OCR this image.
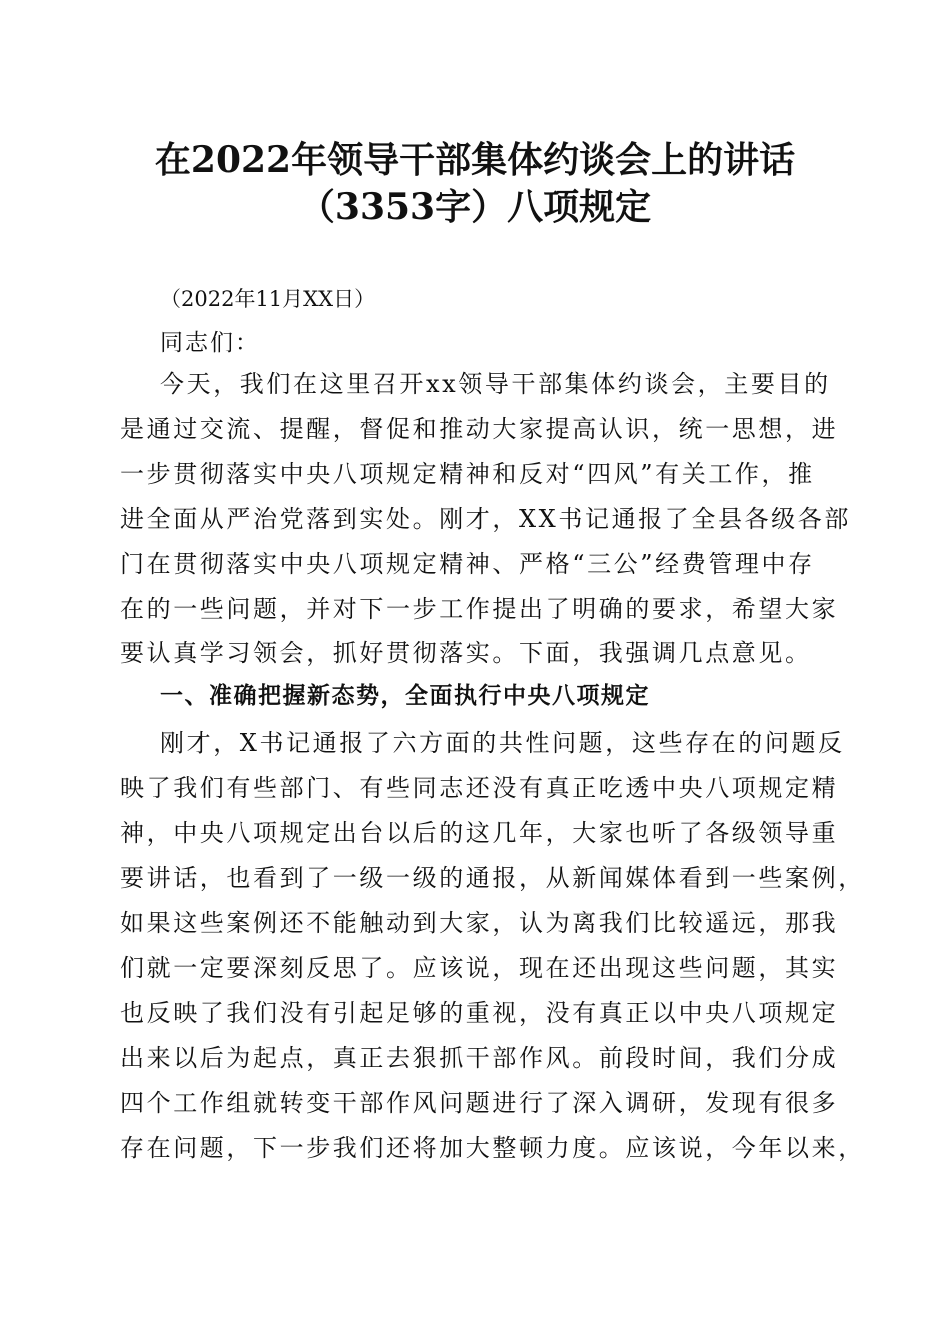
在2022年领导干部集体约谈会上的讲话
（3353字）八项规定
（2022年11月XX日）
同志们：
今天，我们在这里召开xx领导干部集体约谈会，主要目的
是通过交流、提醒，督促和推动大家提高认识，统一思想，进
一步贯彻落实中央八项规定精神和反对“四风”有关工作，推
进全面从严治党落到实处。刚才，XX书记通报了全县各级各部
门在贯彻落实中央八项规定精神、严格“三公”经费管理中存
在的一些问题，并对下一步工作提出了明确的要求，希望大家
要认真学习领会，抓好贯彻落实。下面，我强调几点意见。
一、准确把握新态势，全面执行中央八项规定
刚才，X书记通报了六方面的共性问题，这些存在的问题反
映了我们有些部门、有些同志还没有真正吃透中央八项规定精
神，中央八项规定出台以后的这几年，大家也听了各级领导重
要讲话，也看到了一级一级的通报，从新闻媒体看到一些案例，
如果这些案例还不能触动到大家，认为离我们比较遥远，那我
们就一定要深刻反思了。应该说，现在还出现这些问题，其实
也反映了我们没有引起足够的重视，没有真正以中央八项规定
出来以后为起点，真正去狠抓干部作风。前段时间，我们分成
四个工作组就转变干部作风问题进行了深入调研，发现有很多
存在问题，下一步我们还将加大整顿力度。应该说，今年以来，
